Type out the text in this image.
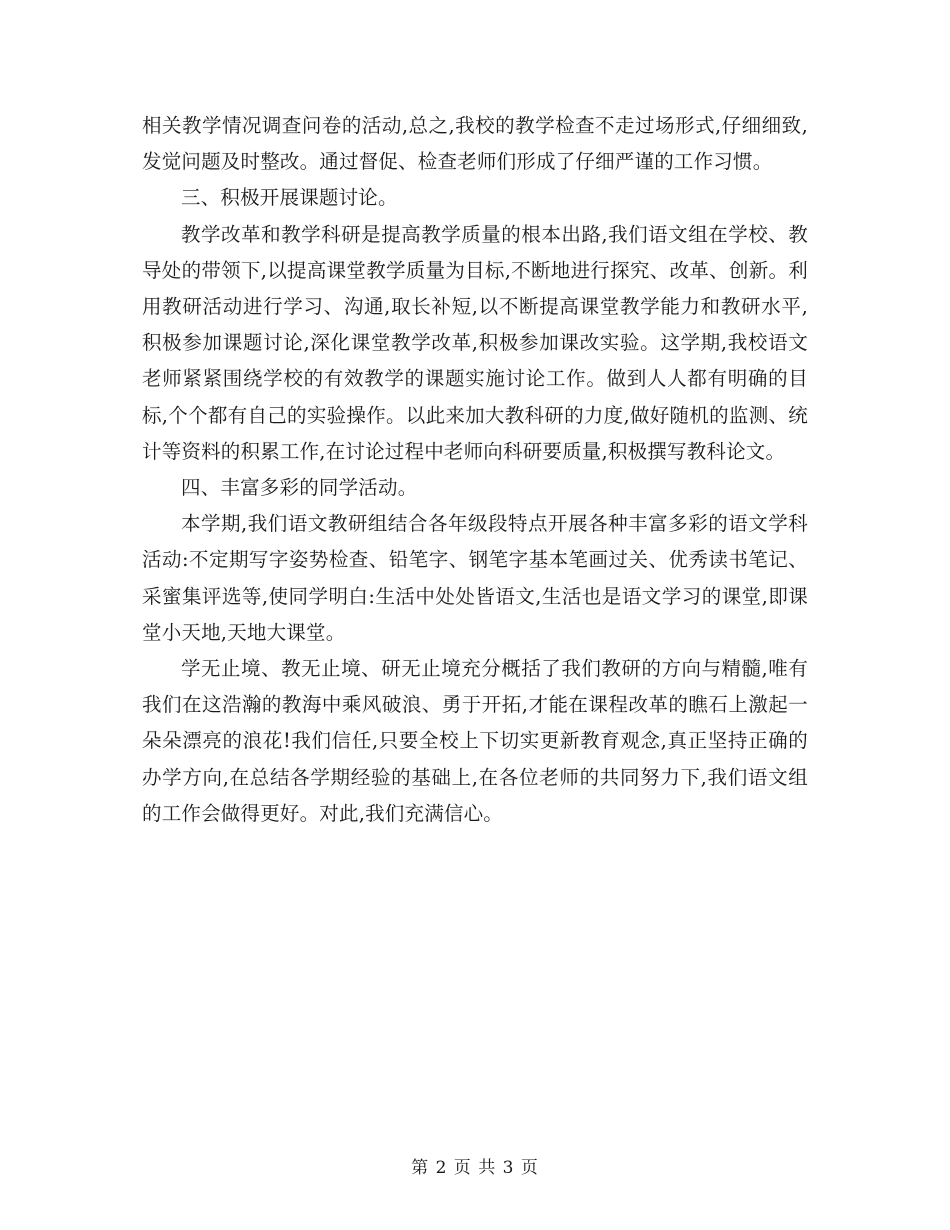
相关教学情况调查问卷的活动,总之,我校的教学检查不走过场形式,仔细细致,发觉问题及时整改。通过督促、检查老师们形成了仔细严谨的工作习惯。

三、积极开展课题讨论。

教学改革和教学科研是提高教学质量的根本出路,我们语文组在学校、教导处的带领下,以提高课堂教学质量为目标,不断地进行探究、改革、创新。利用教研活动进行学习、沟通,取长补短,以不断提高课堂教学能力和教研水平,积极参加课题讨论,深化课堂教学改革,积极参加课改实验。这学期,我校语文老师紧紧围绕学校的有效教学的课题实施讨论工作。做到人人都有明确的目标,个个都有自己的实验操作。以此来加大教科研的力度,做好随机的监测、统计等资料的积累工作,在讨论过程中老师向科研要质量,积极撰写教科论文。

四、丰富多彩的同学活动。

本学期,我们语文教研组结合各年级段特点开展各种丰富多彩的语文学科活动:不定期写字姿势检查、铅笔字、钢笔字基本笔画过关、优秀读书笔记、采蜜集评选等,使同学明白:生活中处处皆语文,生活也是语文学习的课堂,即课堂小天地,天地大课堂。

学无止境、教无止境、研无止境充分概括了我们教研的方向与精髓,唯有我们在这浩瀚的教海中乘风破浪、勇于开拓,才能在课程改革的瞧石上激起一朵朵漂亮的浪花!我们信任,只要全校上下切实更新教育观念,真正坚持正确的办学方向,在总结各学期经验的基础上,在各位老师的共同努力下,我们语文组的工作会做得更好。对此,我们充满信心。

第 2 页 共 3 页
